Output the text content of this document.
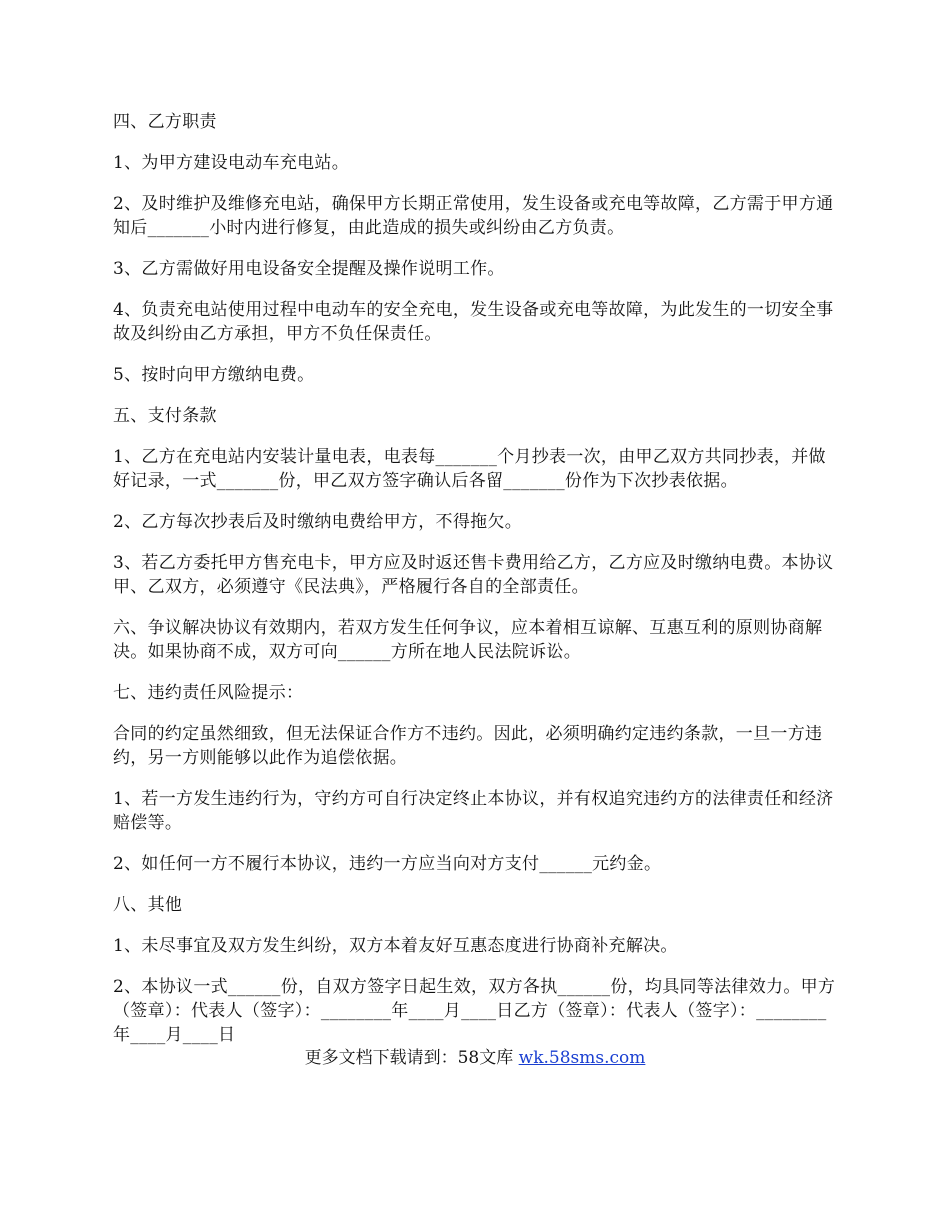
四、乙方职责

1、为甲方建设电动车充电站。

2、及时维护及维修充电站，确保甲方长期正常使用，发生设备或充电等故障，乙方需于甲方通知后_______小时内进行修复，由此造成的损失或纠纷由乙方负责。

3、乙方需做好用电设备安全提醒及操作说明工作。

4、负责充电站使用过程中电动车的安全充电，发生设备或充电等故障，为此发生的一切安全事故及纠纷由乙方承担，甲方不负任保责任。

5、按时向甲方缴纳电费。

五、支付条款

1、乙方在充电站内安装计量电表，电表每_______个月抄表一次，由甲乙双方共同抄表，并做好记录，一式_______份，甲乙双方签字确认后各留_______份作为下次抄表依据。

2、乙方每次抄表后及时缴纳电费给甲方，不得拖欠。

3、若乙方委托甲方售充电卡，甲方应及时返还售卡费用给乙方，乙方应及时缴纳电费。本协议甲、乙双方，必须遵守《民法典》，严格履行各自的全部责任。

六、争议解决协议有效期内，若双方发生任何争议，应本着相互谅解、互惠互利的原则协商解决。如果协商不成，双方可向______方所在地人民法院诉讼。

七、违约责任风险提示：

合同的约定虽然细致，但无法保证合作方不违约。因此，必须明确约定违约条款，一旦一方违约，另一方则能够以此作为追偿依据。

1、若一方发生违约行为，守约方可自行决定终止本协议，并有权追究违约方的法律责任和经济赔偿等。

2、如任何一方不履行本协议，违约一方应当向对方支付______元约金。

八、其他

1、未尽事宜及双方发生纠纷，双方本着友好互惠态度进行协商补充解决。

2、本协议一式______份，自双方签字日起生效，双方各执______份，均具同等法律效力。甲方（签章）：代表人（签字）：________年____月____日乙方（签章）：代表人（签字）：________年____月____日

更多文档下载请到：58文库 wk.58sms.com
